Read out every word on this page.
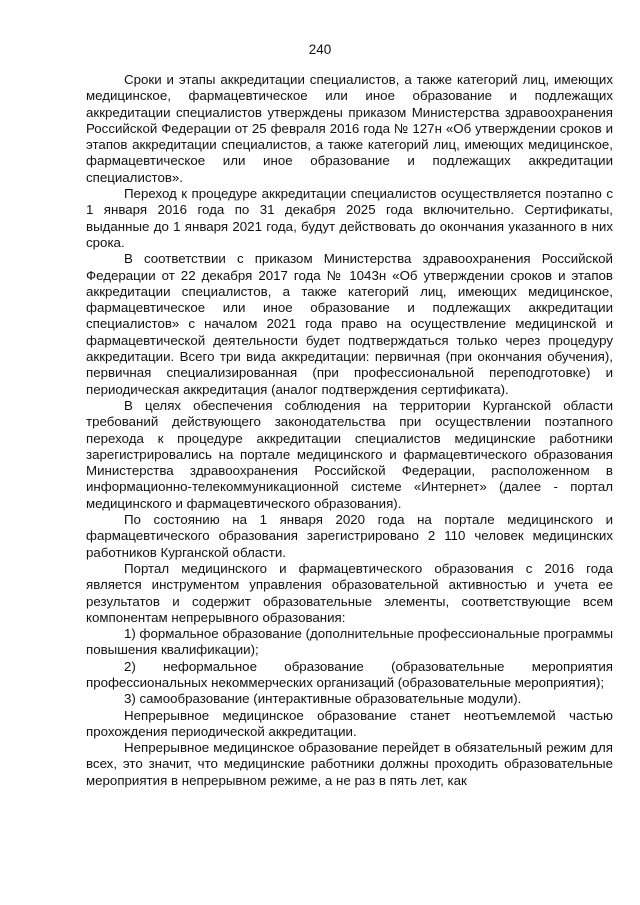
240

Сроки и этапы аккредитации специалистов, а также категорий лиц, имеющих медицинское, фармацевтическое или иное образование и подлежащих аккредитации специалистов утверждены приказом Министерства здравоохранения Российской Федерации от 25 февраля 2016 года № 127н «Об утверждении сроков и этапов аккредитации специалистов, а также категорий лиц, имеющих медицинское, фармацевтическое или иное образование и подлежащих аккредитации специалистов».

Переход к процедуре аккредитации специалистов осуществляется поэтапно с 1 января 2016 года по 31 декабря 2025 года включительно. Сертификаты, выданные до 1 января 2021 года, будут действовать до окончания указанного в них срока.

В соответствии с приказом Министерства здравоохранения Российской Федерации от 22 декабря 2017 года № 1043н «Об утверждении сроков и этапов аккредитации специалистов, а также категорий лиц, имеющих медицинское, фармацевтическое или иное образование и подлежащих аккредитации специалистов» с началом 2021 года право на осуществление медицинской и фармацевтической деятельности будет подтверждаться только через процедуру аккредитации. Всего три вида аккредитации: первичная (при окончания обучения), первичная специализированная (при профессиональной переподготовке) и периодическая аккредитация (аналог подтверждения сертификата).

В целях обеспечения соблюдения на территории Курганской области требований действующего законодательства при осуществлении поэтапного перехода к процедуре аккредитации специалистов медицинские работники зарегистрировались на портале медицинского и фармацевтического образования Министерства здравоохранения Российской Федерации, расположенном в информационно-телекоммуникационной системе «Интернет» (далее - портал медицинского и фармацевтического образования).

По состоянию на 1 января 2020 года на портале медицинского и фармацевтического образования зарегистрировано 2 110 человек медицинских работников Курганской области.

Портал медицинского и фармацевтического образования с 2016 года является инструментом управления образовательной активностью и учета ее результатов и содержит образовательные элементы, соответствующие всем компонентам непрерывного образования:

1) формальное образование (дополнительные профессиональные программы повышения квалификации);

2) неформальное образование (образовательные мероприятия профессиональных некоммерческих организаций (образовательные мероприятия);

3) самообразование (интерактивные образовательные модули).

Непрерывное медицинское образование станет неотъемлемой частью прохождения периодической аккредитации.

Непрерывное медицинское образование перейдет в обязательный режим для всех, это значит, что медицинские работники должны проходить образовательные мероприятия в непрерывном режиме, а не раз в пять лет, как
